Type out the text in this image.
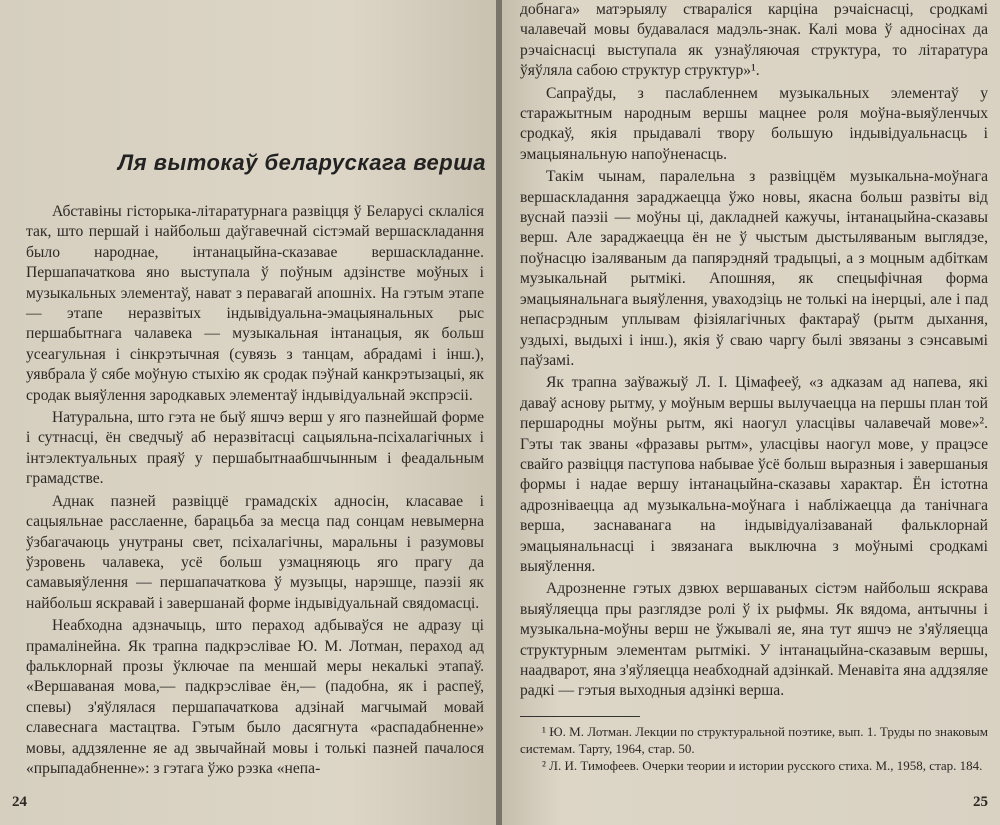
Ля вытокаў беларускага верша

Абставіны гісторыка-літаратурнага развіцця ў Беларусі склаліся так, што першай і найбольш даўгавечнай сістэмай вершаскладання было народнае, інтанацыйна-сказавае вершаскладанне. Першапачаткова яно выступала ў поўным адзінстве моўных і музыкальных элементаў, нават з перавагай апошніх. На гэтым этапе — этапе неразвітых індывідуальна-эмацыянальных рыс першабытнага чалавека — музыкальная інтанацыя, як больш усеагульная і сінкрэтычная (сувязь з танцам, абрадамі і інш.), уявбрала ў сябе моўную стыхію як сродак пэўнай канкрэтызацыі, як сродак выяўлення зародкавых элементаў індывідуальнай экспрэсіі.

Натуральна, што гэта не быў яшчэ верш у яго пазнейшай форме і сутнасці, ён сведчыў аб неразвітасці сацыяльна-псіхалагічных і інтэлектуальных праяў у першабытнаабшчынным і феадальным грамадстве.

Аднак пазней развіццё грамадскіх адносін, класавае і сацыяльнае расслаенне, барацьба за месца пад сонцам невымерна ўзбагачаюць унутраны свет, псіхалагічны, маральны і разумовы ўзровень чалавека, усё больш узмацняюць яго прагу да самавыяўлення — першапачаткова ў музыцы, нарэшце, паэзіі як найбольш яскравай і завершанай форме індывідуальнай свядомасці.

Неабходна адзначыць, што пераход адбываўся не адразу ці прамалінейна. Як трапна падкрэслівае Ю. М. Лотман, пераход ад фальклорнай прозы ўключае па меншай меры некалькі этапаў. «Вершаваная мова,— падкрэслівае ён,— (падобна, як і распеў, спевы) з'яўлялася першапачаткова адзінай магчымай мовай славеснага мастацтва. Гэтым было дасягнута «распадабненне» мовы, аддзяленне яе ад звычайнай мовы і толькі пазней пачалося «прыпадабненне»: з гэтага ўжо рэзка «непа-

24

добнага» матэрыялу ствараліся карціна рэчаіснасці, сродкамі чалавечай мовы будавалася мадэль-знак. Калі мова ў адносінах да рэчаіснасці выступала як узнаўляючая структура, то літаратура ўяўляла сабою структур структур»¹.

Сапраўды, з паслабленнем музыкальных элементаў у старажытным народным вершы мацнее роля моўна-выяўленчых сродкаў, якія прыдавалі твору большую індывідуальнасць і эмацыянальную напоўненасць.

Такім чынам, паралельна з развіццём музыкальна-моўнага вершаскладання зараджаецца ўжо новы, якасна больш развіты від вуснай паэзіі — моўны ці, дакладней кажучы, інтанацыйна-сказавы верш. Але зараджаецца ён не ў чыстым дыстыляваным выглядзе, поўнасцю ізаляваным да папярэдняй традыцыі, а з моцным адбіткам музыкальнай рытмікі. Апошняя, як спецыфічная форма эмацыянальнага выяўлення, уваходзіць не толькі на інерцыі, але і пад непасрэдным уплывам фізіялагічных фактараў (рытм дыхання, уздыхі, выдыхі і інш.), якія ў сваю чаргу былі звязаны з сэнсавымі паўзамі.

Як трапна заўважыў Л. І. Цімафееў, «з адказам ад напева, які даваў аснову рытму, у моўным вершы вылучаецца на першы план той першародны моўны рытм, які наогул уласцівы чалавечай мове»². Гэты так званы «фразавы рытм», уласцівы наогул мове, у працэсе свайго развіцця паступова набывае ўсё больш выразныя і завершаныя формы і надае вершу інтанацыйна-сказавы характар. Ён істотна адрозніваецца ад музыкальна-моўнага і набліжаецца да танічнага верша, заснаванага на індывідуалізаванай фальклорнай эмацыянальнасці і звязанага выключна з моўнымі сродкамі выяўлення.

Адрозненне гэтых дзвюх вершаваных сістэм найбольш яскрава выяўляецца пры разглядзе ролі ў іх рыфмы. Як вядома, антычны і музыкальна-моўны верш не ўжывалі яе, яна тут яшчэ не з'яўляецца структурным элементам рытмікі. У інтанацыйна-сказавым вершы, наадварот, яна з'яўляецца неабходнай адзінкай. Менавіта яна аддзяляе радкі — гэтыя выходныя адзінкі верша.

¹ Ю. М. Лотман. Лекции по структуральной поэтике, вып. 1. Труды по знаковым системам. Тарту, 1964, стар. 50.

² Л. И. Тимофеев. Очерки теории и истории русского стиха. М., 1958, стар. 184.

25
